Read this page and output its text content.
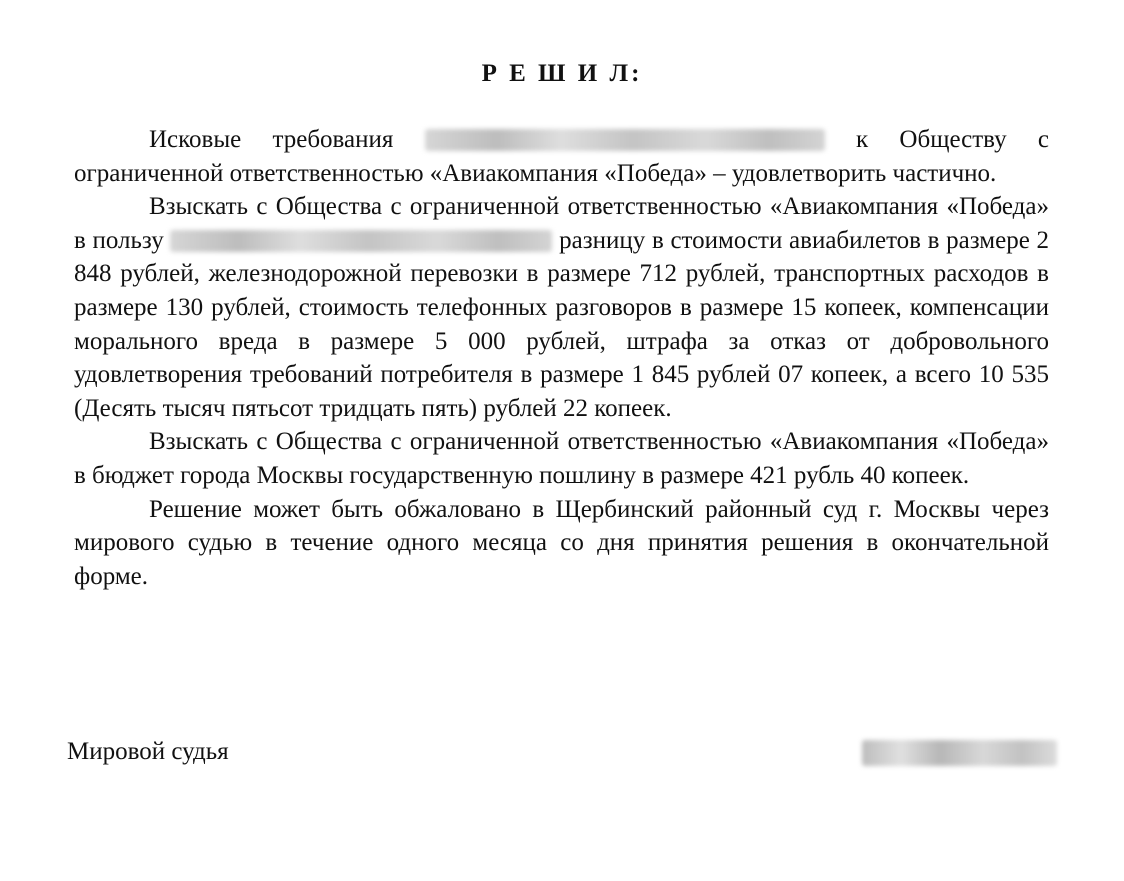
Р Е Ш И Л:

Исковые требования	к Обществу с ограниченной ответственностью «Авиакомпания «Победа» – удовлетворить частично.

Взыскать с Общества с ограниченной ответственностью «Авиакомпания «Победа» в пользу	разницу в стоимости авиабилетов в размере 2 848 рублей, железнодорожной перевозки в размере 712 рублей, транспортных расходов в размере 130 рублей, стоимость телефонных разговоров в размере 15 копеек, компенсации морального вреда в размере 5 000 рублей, штрафа за отказ от добровольного удовлетворения требований потребителя в размере 1 845 рублей 07 копеек, а всего 10 535 (Десять тысяч пятьсот тридцать пять) рублей 22 копеек.

Взыскать с Общества с ограниченной ответственностью «Авиакомпания «Победа» в бюджет города Москвы государственную пошлину в размере 421 рубль 40 копеек.

Решение может быть обжаловано в Щербинский районный суд г. Москвы через мирового судью в течение одного месяца со дня принятия решения в окончательной форме.

Мировой судья
